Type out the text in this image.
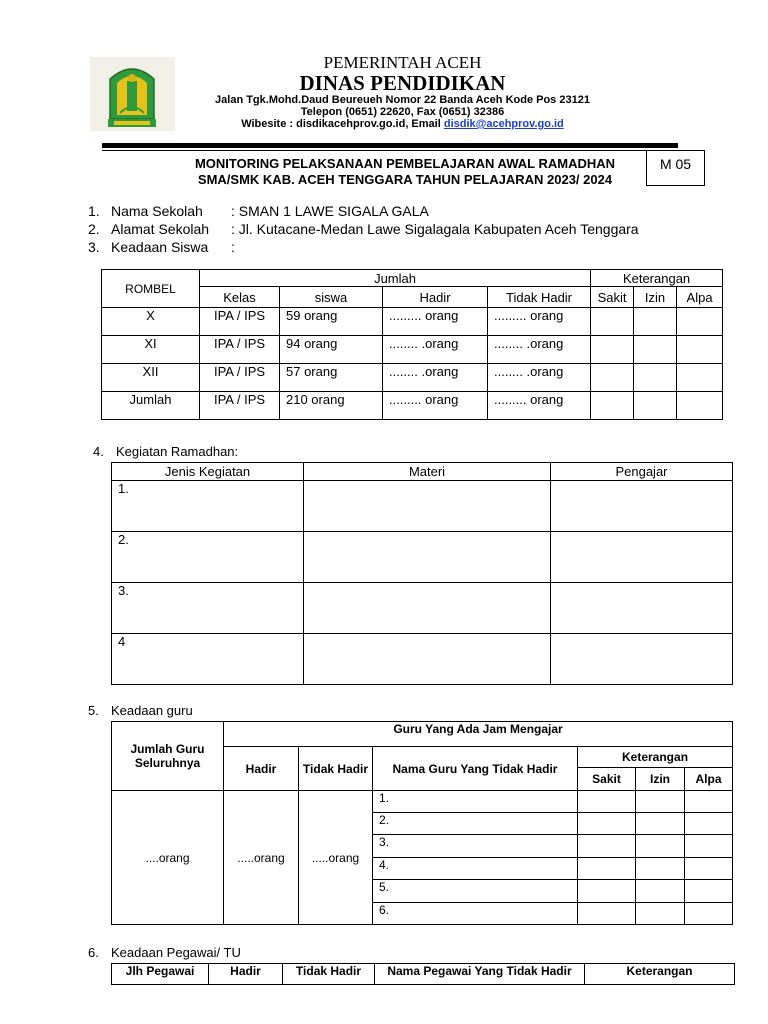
PEMERINTAH ACEH
DINAS PENDIDIKAN
Jalan Tgk.Mohd.Daud Beureueh Nomor 22 Banda Aceh Kode Pos 23121
Telepon (0651) 22620, Fax (0651) 32386
Wibesite : disdikacehprov.go.id, Email disdik@acehprov.go.id
MONITORING PELAKSANAAN PEMBELAJARAN AWAL RAMADHAN
SMA/SMK KAB. ACEH TENGGARA TAHUN PELAJARAN 2023/ 2024
M 05
1. Nama Sekolah : SMAN 1 LAWE SIGALA GALA
2. Alamat Sekolah : Jl. Kutacane-Medan Lawe Sigalagala Kabupaten Aceh Tenggara
3. Keadaan Siswa :
ROMBEL	Jumlah				Keterangan		
	Kelas	siswa	Hadir	Tidak Hadir	Sakit	Izin	Alpa
X	IPA / IPS	59 orang	......... orang	......... orang			
XI	IPA / IPS	94 orang	........ .orang	........ .orang			
XII	IPA / IPS	57 orang	........ .orang	........ .orang			
Jumlah	IPA / IPS	210 orang	......... orang	......... orang			
4. Kegiatan Ramadhan:
Jenis Kegiatan	Materi	Pengajar
1.		
2.		
3.		
4		
5. Keadaan guru
Jumlah Guru Seluruhnya	Guru Yang Ada Jam Mengajar					
	Hadir	Tidak Hadir	Nama Guru Yang Tidak Hadir	Keterangan		
				Sakit	Izin	Alpa
....orang	.....orang	.....orang	1.			
			2.			
			3.			
			4.			
			5.			
			6.			
6. Keadaan Pegawai/ TU
Jlh Pegawai	Hadir	Tidak Hadir	Nama Pegawai Yang Tidak Hadir	Keterangan
